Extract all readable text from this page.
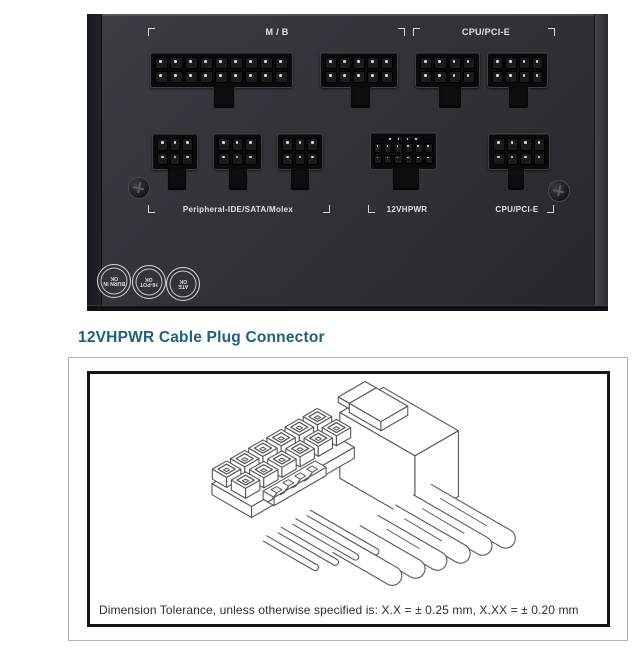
M / B	CPU/PCI-E
Peripheral-IDE/SATA/Molex	12VHPWR	CPU/PCI-E
BURN IN
OK
HI-POT
OK
ATE
OK
12VHPWR Cable Plug Connector
Dimension Tolerance, unless otherwise specified is: X.X = ± 0.25 mm, X.XX = ± 0.20 mm
